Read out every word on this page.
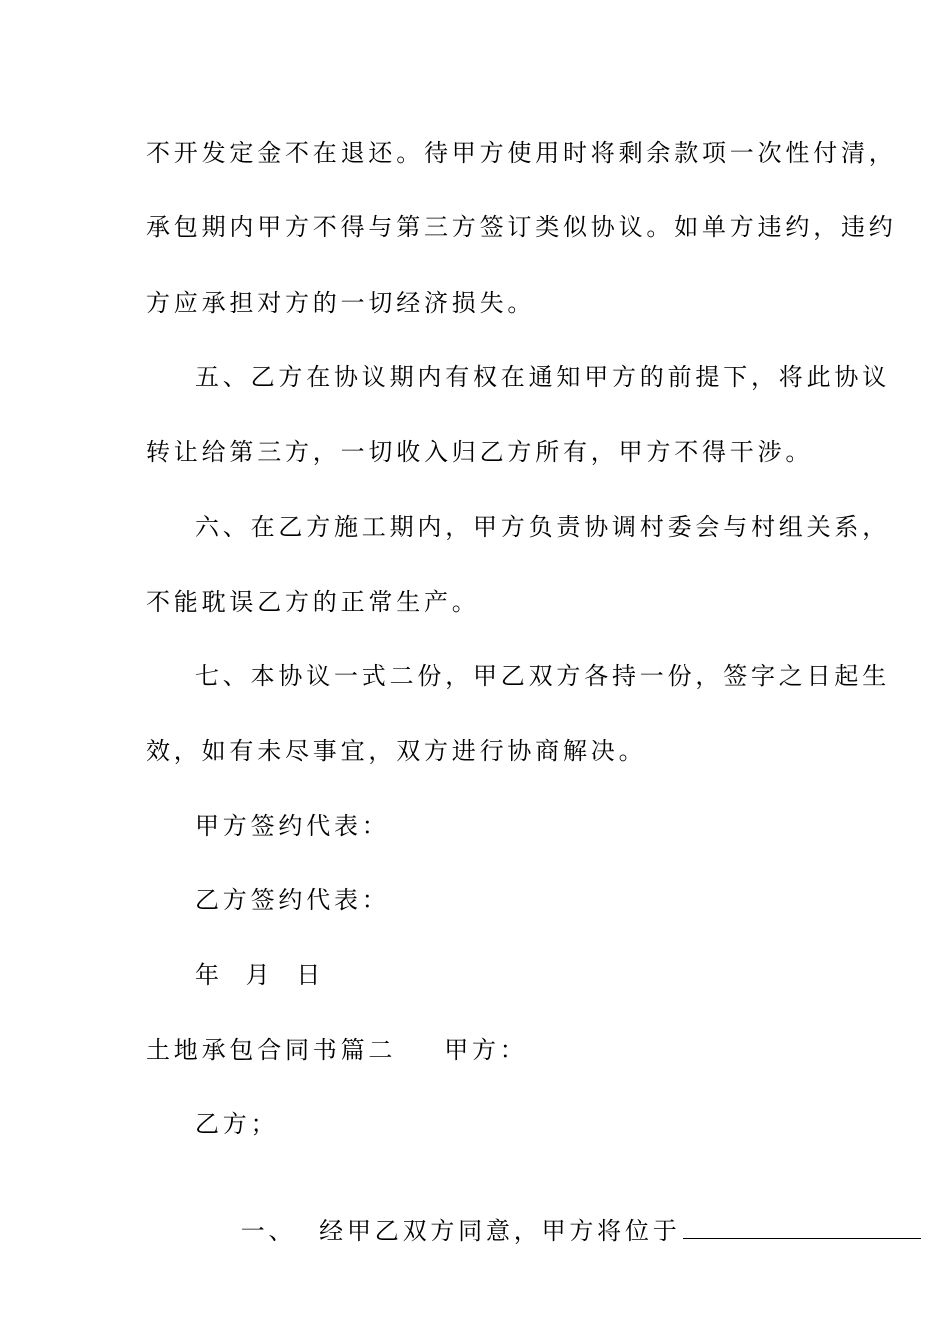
不开发定金不在退还。待甲方使用时将剩余款项一次性付清，
承包期内甲方不得与第三方签订类似协议。如单方违约，违约
方应承担对方的一切经济损失。
五、乙方在协议期内有权在通知甲方的前提下，将此协议
转让给第三方，一切收入归乙方所有，甲方不得干涉。
六、在乙方施工期内，甲方负责协调村委会与村组关系，
不能耽误乙方的正常生产。
七、本协议一式二份，甲乙双方各持一份，签字之日起生
效，如有未尽事宜，双方进行协商解决。
甲方签约代表：
乙方签约代表：
年  月  日
土地承包合同书篇二 甲方：
乙方；

一、  经甲乙双方同意，甲方将位于
